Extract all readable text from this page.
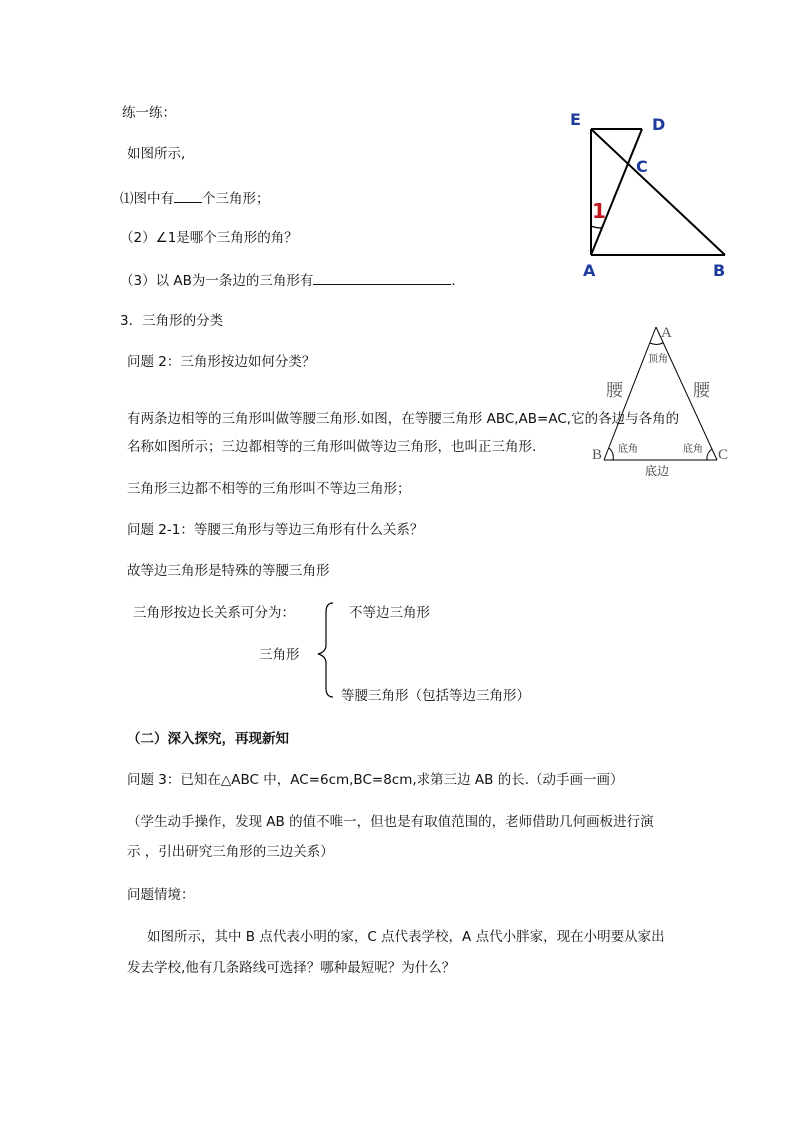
练一练：
如图所示,
⑴图中有 个三角形；
（2）∠1是哪个三角形的角？
（3）以 AB为一条边的三角形有	.
E	D
C
A	B
1
3．三角形的分类
问题 2：三角形按边如何分类？
有两条边相等的三角形叫做等腰三角形.如图，在等腰三角形 ABC,AB=AC,它的各边与各角的
名称如图所示；三边都相等的三角形叫做等边三角形，也叫正三角形.
三角形三边都不相等的三角形叫不等边三角形；
问题 2-1：等腰三角形与等边三角形有什么关系？
故等边三角形是特殊的等腰三角形
A
B	C
顶角
腰	腰
底角	底角
底边
三角形按边长关系可分为：	不等边三角形
三角形
等腰三角形（包括等边三角形）
（二）深入探究，再现新知
问题 3：已知在△ABC 中，AC=6cm,BC=8cm,求第三边 AB 的长.（动手画一画）
（学生动手操作，发现 AB 的值不唯一，但也是有取值范围的，老师借助几何画板进行演
示 ，引出研究三角形的三边关系）
问题情境：
如图所示，其中 B 点代表小明的家，C 点代表学校，A 点代小胖家，现在小明要从家出
发去学校,他有几条路线可选择？哪种最短呢？为什么？
